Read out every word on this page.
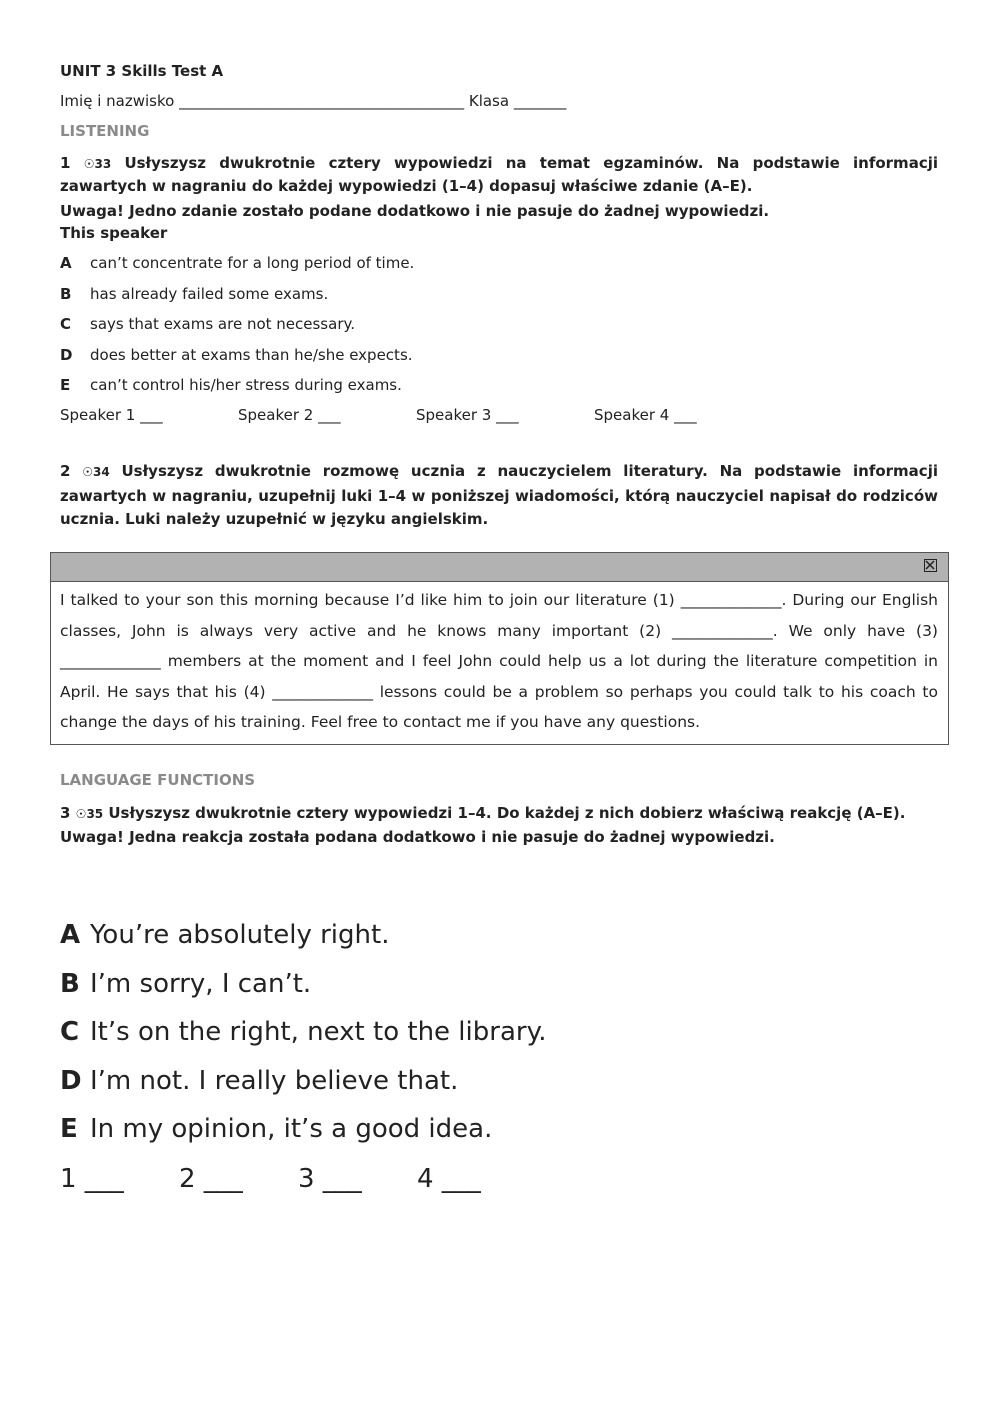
UNIT 3 Skills Test A
Imię i nazwisko ______________________________________ Klasa _______
LISTENING
1 ☉33 Usłyszysz dwukrotnie cztery wypowiedzi na temat egzaminów. Na podstawie informacji zawartych w nagraniu do każdej wypowiedzi (1–4) dopasuj właściwe zdanie (A–E).
Uwaga! Jedno zdanie zostało podane dodatkowo i nie pasuje do żadnej wypowiedzi.
This speaker
A can’t concentrate for a long period of time.
B has already failed some exams.
C says that exams are not necessary.
D does better at exams than he/she expects.
E can’t control his/her stress during exams.
Speaker 1 ___	Speaker 2 ___	Speaker 3 ___	Speaker 4 ___
2 ☉34 Usłyszysz dwukrotnie rozmowę ucznia z nauczycielem literatury. Na podstawie informacji zawartych w nagraniu, uzupełnij luki 1–4 w poniższej wiadomości, którą nauczyciel napisał do rodziców ucznia. Luki należy uzupełnić w języku angielskim.
I talked to your son this morning because I’d like him to join our literature (1) _____________. During our English classes, John is always very active and he knows many important (2) _____________. We only have (3) _____________ members at the moment and I feel John could help us a lot during the literature competition in April. He says that his (4) _____________ lessons could be a problem so perhaps you could talk to his coach to change the days of his training. Feel free to contact me if you have any questions.
LANGUAGE FUNCTIONS
3 ☉35 Usłyszysz dwukrotnie cztery wypowiedzi 1–4. Do każdej z nich dobierz właściwą reakcję (A–E).
Uwaga! Jedna reakcja została podana dodatkowo i nie pasuje do żadnej wypowiedzi.
A You’re absolutely right.
B I’m sorry, I can’t.
C It’s on the right, next to the library.
D I’m not. I really believe that.
E In my opinion, it’s a good idea.
1 ___ 2 ___ 3 ___ 4 ___
